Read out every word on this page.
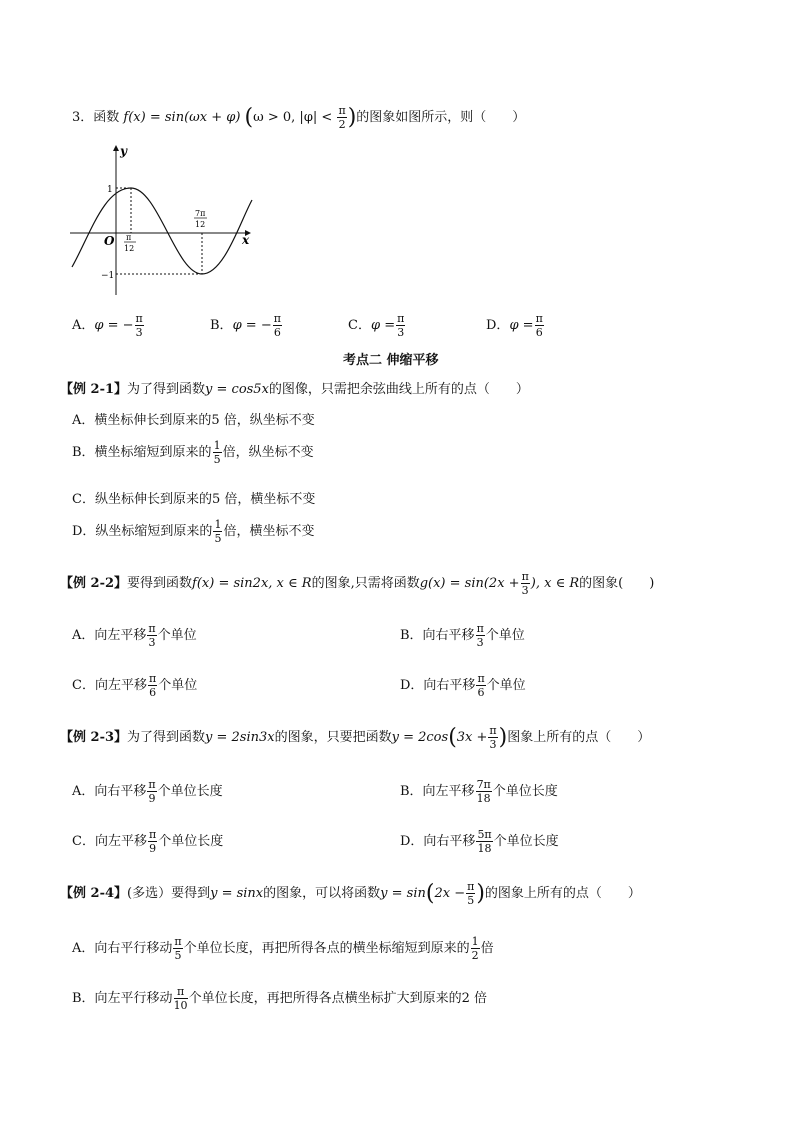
3．函数 f(x) = sin(ωx + φ) (ω > 0, $|\varphi| < \frac{\pi}{2}$ )的图象如图所示，则（　　）
y
x
O
1
−1
π
12
7π
12
A．φ = − $\frac{\pi}{3}$	B．φ = − $\frac{\pi}{6}$	C．$\varphi = \frac{\pi}{3}$	D．$\varphi = \frac{\pi}{6}$
考点二 伸缩平移
【例 2-1】为了得到函数y = cos5x的图像，只需把余弦曲线上所有的点（　　）
A．横坐标伸长到原来的5 倍，纵坐标不变
B．横坐标缩短到原来的 $\frac{1}{5}$ 倍，纵坐标不变
C．纵坐标伸长到原来的5 倍，横坐标不变
D．纵坐标缩短到原来的 $\frac{1}{5}$ 倍，横坐标不变
【例 2-2】要得到函数f(x) = sin2x, x ∈ R的图象,只需将函数$g(x) = \sin(2x + \frac{\pi}{3}$ ), x ∈ R的图象(　　)
A．向左平移 $\frac{\pi}{3}$ 个单位	B．向右平移 $\frac{\pi}{3}$ 个单位
C．向左平移 $\frac{\pi}{6}$ 个单位	D．向右平移 $\frac{\pi}{6}$ 个单位
【例 2-3】为了得到函数y = 2sin3x的图象，只要把函数$y = 2\cos(3x + \frac{\pi}{3}$ )图象上所有的点（　　）
A．向右平移 $\frac{\pi}{9}$ 个单位长度	B．向左平移 $\frac{7\pi}{18}$ 个单位长度
C．向左平移 $\frac{\pi}{9}$ 个单位长度	D．向右平移 $\frac{5\pi}{18}$ 个单位长度
【例 2-4】(多选）要得到y = sinx的图象，可以将函数$y = \sin(2x - \frac{\pi}{5}$ )的图象上所有的点（　　）
A．向右平行移动 $\frac{\pi}{5}$ 个单位长度，再把所得各点的横坐标缩短到原来的 $\frac{1}{2}$ 倍
B．向左平行移动 $\frac{\pi}{10}$ 个单位长度，再把所得各点横坐标扩大到原来的2 倍
